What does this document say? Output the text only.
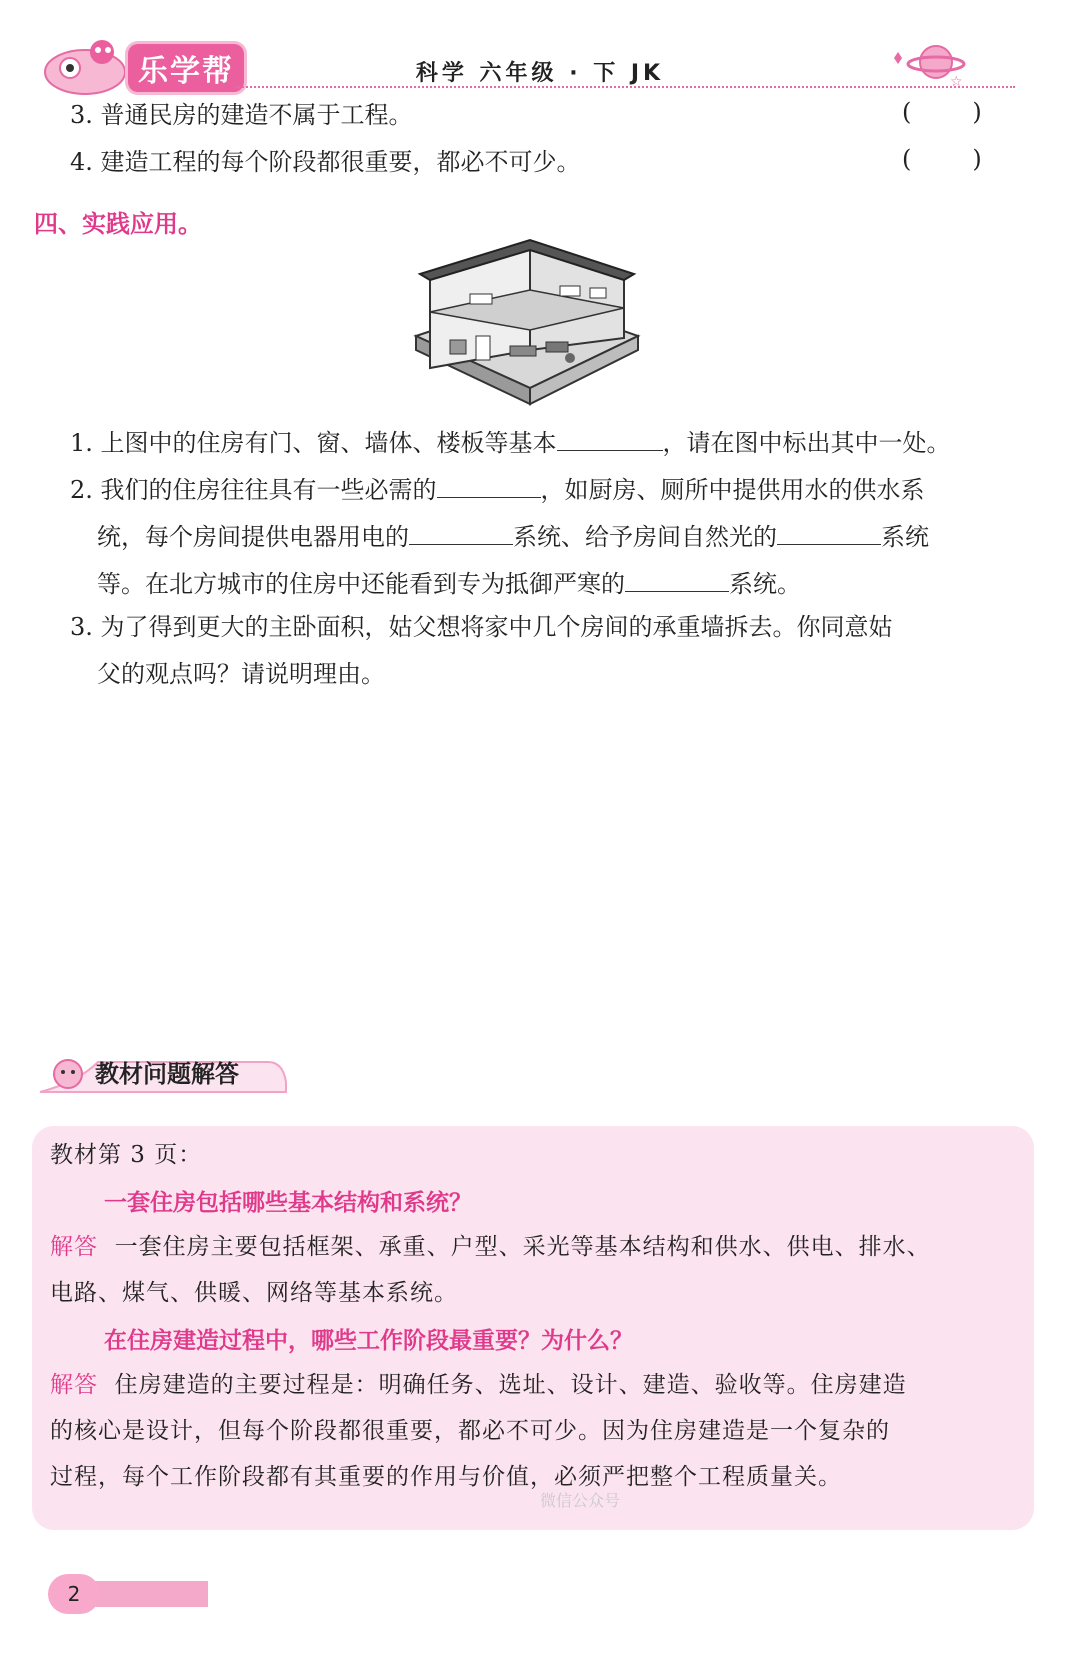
乐学帮	科学 六年级 · 下 JK	☆
3. 普通民房的建造不属于工程。	(        )
4. 建造工程的每个阶段都很重要，都必不可少。	(        )
四、实践应用。
1. 上图中的住房有门、窗、墙体、楼板等基本	，请在图中标出其中一处。
2. 我们的住房往往具有一些必需的	，如厨房、厕所中提供用水的供水系
统，每个房间提供电器用电的	系统、给予房间自然光的	系统
等。在北方城市的住房中还能看到专为抵御严寒的	系统。
3. 为了得到更大的主卧面积，姑父想将家中几个房间的承重墙拆去。你同意姑
父的观点吗？请说明理由。
教材问题解答
教材第 3 页：
一套住房包括哪些基本结构和系统？
解答 一套住房主要包括框架、承重、户型、采光等基本结构和供水、供电、排水、
电路、煤气、供暖、网络等基本系统。
在住房建造过程中，哪些工作阶段最重要？为什么？
解答 住房建造的主要过程是：明确任务、选址、设计、建造、验收等。住房建造
的核心是设计，但每个阶段都很重要，都必不可少。因为住房建造是一个复杂的
过程，每个工作阶段都有其重要的作用与价值，必须严把整个工程质量关。
微信公众号
2
